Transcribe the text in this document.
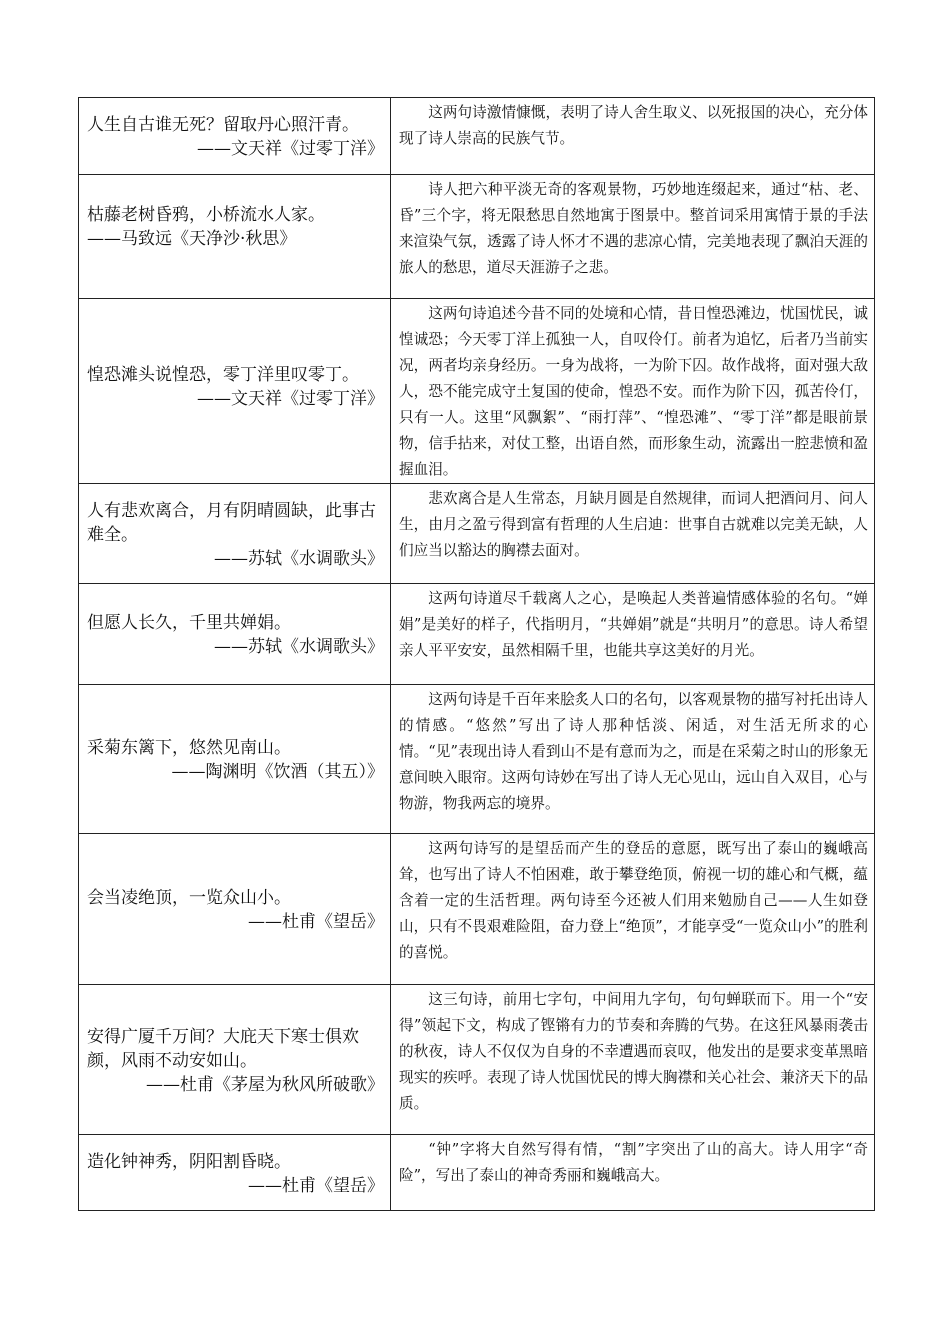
人生自古谁无死？留取丹心照汗青。
——文天祥《过零丁洋》	这两句诗激情慷慨，表明了诗人舍生取义、以死报国的决心，充分体现了诗人崇高的民族气节。

枯藤老树昏鸦，小桥流水人家。
——马致远《天净沙·秋思》	诗人把六种平淡无奇的客观景物，巧妙地连缀起来，通过“枯、老、昏”三个字，将无限愁思自然地寓于图景中。整首词采用寓情于景的手法来渲染气氛，透露了诗人怀才不遇的悲凉心情，完美地表现了飘泊天涯的旅人的愁思，道尽天涯游子之悲。

惶恐滩头说惶恐，零丁洋里叹零丁。
——文天祥《过零丁洋》	这两句诗追述今昔不同的处境和心情，昔日惶恐滩边，忧国忧民，诚惶诚恐；今天零丁洋上孤独一人，自叹伶仃。前者为追忆，后者乃当前实况，两者均亲身经历。一身为战将，一为阶下囚。故作战将，面对强大敌人，恐不能完成守土复国的使命，惶恐不安。而作为阶下囚，孤苦伶仃，只有一人。这里“风飘絮”、“雨打萍”、“惶恐滩”、“零丁洋”都是眼前景物，信手拈来，对仗工整，出语自然，而形象生动，流露出一腔悲愤和盈握血泪。

人有悲欢离合，月有阴晴圆缺，此事古难全。
——苏轼《水调歌头》	悲欢离合是人生常态，月缺月圆是自然规律，而词人把酒问月、问人生，由月之盈亏得到富有哲理的人生启迪：世事自古就难以完美无缺，人们应当以豁达的胸襟去面对。

但愿人长久，千里共婵娟。
——苏轼《水调歌头》	这两句诗道尽千载离人之心，是唤起人类普遍情感体验的名句。“婵娟”是美好的样子，代指明月，“共婵娟”就是“共明月”的意思。诗人希望亲人平平安安，虽然相隔千里，也能共享这美好的月光。

采菊东篱下，悠然见南山。
——陶渊明《饮酒（其五）》	这两句诗是千百年来脍炙人口的名句，以客观景物的描写衬托出诗人的情感。“悠然”写出了诗人那种恬淡、闲适，对生活无所求的心情。“见”表现出诗人看到山不是有意而为之，而是在采菊之时山的形象无意间映入眼帘。这两句诗妙在写出了诗人无心见山，远山自入双目，心与物游，物我两忘的境界。

会当凌绝顶，一览众山小。
——杜甫《望岳》	这两句诗写的是望岳而产生的登岳的意愿，既写出了泰山的巍峨高耸，也写出了诗人不怕困难，敢于攀登绝顶，俯视一切的雄心和气概，蕴含着一定的生活哲理。两句诗至今还被人们用来勉励自己——人生如登山，只有不畏艰难险阻，奋力登上“绝顶”，才能享受“一览众山小”的胜利的喜悦。

安得广厦千万间？大庇天下寒士俱欢颜，风雨不动安如山。
——杜甫《茅屋为秋风所破歌》	这三句诗，前用七字句，中间用九字句，句句蝉联而下。用一个“安得”领起下文，构成了铿锵有力的节奏和奔腾的气势。在这狂风暴雨袭击的秋夜，诗人不仅仅为自身的不幸遭遇而哀叹，他发出的是要求变革黑暗现实的疾呼。表现了诗人忧国忧民的博大胸襟和关心社会、兼济天下的品质。

造化钟神秀，阴阳割昏晓。
——杜甫《望岳》	“钟”字将大自然写得有情，“割”字突出了山的高大。诗人用字“奇险”，写出了泰山的神奇秀丽和巍峨高大。
